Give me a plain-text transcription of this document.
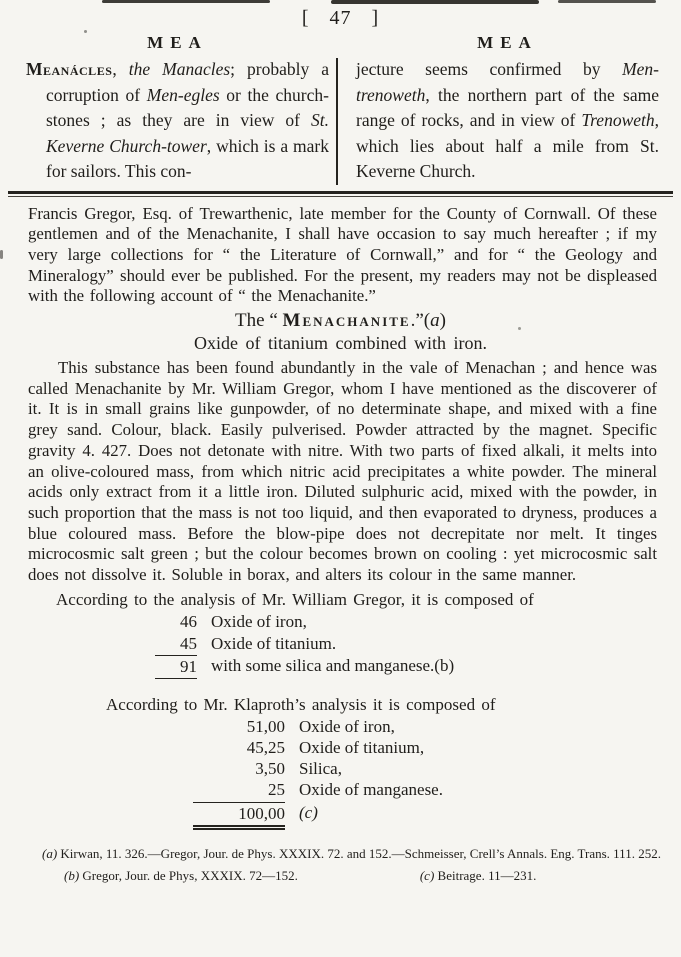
[ 47 ]
MEA
Meanácles, the Manacles; probably a corruption of Men-egles or the church-stones ; as they are in view of St. Keverne Church-tower, which is a mark for sailors. This con-
MEA
jecture seems confirmed by Men-trenoweth, the northern part of the same range of rocks, and in view of Trenoweth, which lies about half a mile from St. Keverne Church.

Francis Gregor, Esq. of Trewarthenic, late member for the County of Cornwall. Of these gentlemen and of the Menachanite, I shall have occasion to say much hereafter ; if my very large collections for “ the Literature of Cornwall,” and for “ the Geology and Mineralogy” should ever be published. For the present, my readers may not be displeased with the following account of “ the Menachanite.”

The “ Menachanite.”(a)
Oxide of titanium combined with iron.

This substance has been found abundantly in the vale of Menachan ; and hence was called Menachanite by Mr. William Gregor, whom I have mentioned as the discoverer of it. It is in small grains like gunpowder, of no determinate shape, and mixed with a fine grey sand. Colour, black. Easily pulverised. Powder attracted by the magnet. Specific gravity 4. 427. Does not detonate with nitre. With two parts of fixed alkali, it melts into an olive-coloured mass, from which nitric acid precipitates a white powder. The mineral acids only extract from it a little iron. Diluted sulphuric acid, mixed with the powder, in such proportion that the mass is not too liquid, and then evaporated to dryness, produces a blue coloured mass. Before the blow-pipe does not decrepitate nor melt. It tinges microcosmic salt green ; but the colour becomes brown on cooling : yet microcosmic salt does not dissolve it. Soluble in borax, and alters its colour in the same manner.

According to the analysis of Mr. William Gregor, it is composed of
46 Oxide of iron,
45 Oxide of titanium.
91 with some silica and manganese.(b)
According to Mr. Klaproth’s analysis it is composed of
51,00 Oxide of iron,
45,25 Oxide of titanium,
3,50 Silica,
25 Oxide of manganese.
100,00 (c)
(a) Kirwan, 11. 326.—Gregor, Jour. de Phys. XXXIX. 72. and 152.—Schmeisser, Crell’s Annals. Eng. Trans. 111. 252.
(b) Gregor, Jour. de Phys, XXXIX. 72—152.	(c) Beitrage. 11—231.
